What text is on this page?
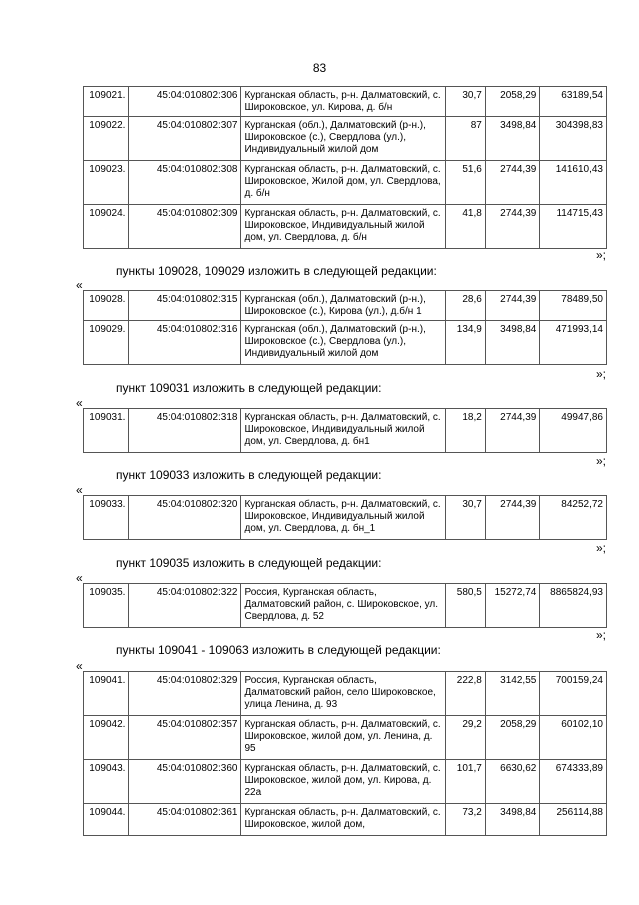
83
109021.	45:04:010802:306	Курганская область, р-н. Далматовский, с. Широковское, ул. Кирова, д. б/н	30,7	2058,29	63189,54
109022.	45:04:010802:307	Курганская (обл.), Далматовский (р-н.), Широковское (с.), Свердлова (ул.), Индивидуальный жилой дом	87	3498,84	304398,83
109023.	45:04:010802:308	Курганская область, р-н. Далматовский, с. Широковское, Жилой дом, ул. Свердлова, д. б/н	51,6	2744,39	141610,43
109024.	45:04:010802:309	Курганская область, р-н. Далматовский, с. Широковское, Индивидуальный жилой дом, ул. Свердлова, д. б/н	41,8	2744,39	114715,43
»;
пункты 109028, 109029 изложить в следующей редакции:
«
109028.	45:04:010802:315	Курганская (обл.), Далматовский (р-н.), Широковское (с.), Кирова (ул.), д.б/н 1	28,6	2744,39	78489,50
109029.	45:04:010802:316	Курганская (обл.), Далматовский (р-н.), Широковское (с.), Свердлова (ул.), Индивидуальный жилой дом	134,9	3498,84	471993,14
»;
пункт 109031 изложить в следующей редакции:
«
109031.	45:04:010802:318	Курганская область, р-н. Далматовский, с. Широковское, Индивидуальный жилой дом, ул. Свердлова, д. бн1	18,2	2744,39	49947,86
»;
пункт 109033 изложить в следующей редакции:
«
109033.	45:04:010802:320	Курганская область, р-н. Далматовский, с. Широковское, Индивидуальный жилой дом, ул. Свердлова, д. бн_1	30,7	2744,39	84252,72
»;
пункт 109035 изложить в следующей редакции:
«
109035.	45:04:010802:322	Россия, Курганская область, Далматовский район, с. Широковское, ул. Свердлова, д. 52	580,5	15272,74	8865824,93
»;
пункты 109041 - 109063 изложить в следующей редакции:
«
109041.	45:04:010802:329	Россия, Курганская область, Далматовский район, село Широковское, улица Ленина, д. 93	222,8	3142,55	700159,24
109042.	45:04:010802:357	Курганская область, р-н. Далматовский, с. Широковское, жилой дом, ул. Ленина, д. 95	29,2	2058,29	60102,10
109043.	45:04:010802:360	Курганская область, р-н. Далматовский, с. Широковское, жилой дом, ул. Кирова, д. 22а	101,7	6630,62	674333,89
109044.	45:04:010802:361	Курганская область, р-н. Далматовский, с. Широковское, жилой дом,	73,2	3498,84	256114,88
